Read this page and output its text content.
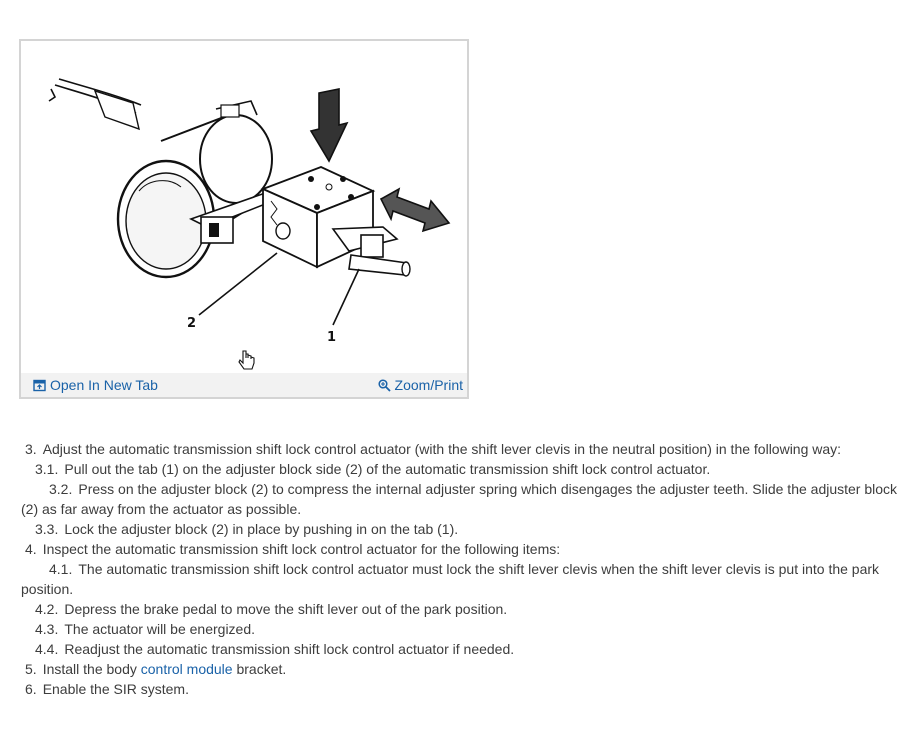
2
1
Open In New Tab	Zoom/Print
3. Adjust the automatic transmission shift lock control actuator (with the shift lever clevis in the neutral position) in the following way:
3.1. Pull out the tab (1) on the adjuster block side (2) of the automatic transmission shift lock control actuator.
3.2. Press on the adjuster block (2) to compress the internal adjuster spring which disengages the adjuster teeth. Slide the adjuster block (2) as far away from the actuator as possible.
3.3. Lock the adjuster block (2) in place by pushing in on the tab (1).
4. Inspect the automatic transmission shift lock control actuator for the following items:
4.1. The automatic transmission shift lock control actuator must lock the shift lever clevis when the shift lever clevis is put into the park position.
4.2. Depress the brake pedal to move the shift lever out of the park position.
4.3. The actuator will be energized.
4.4. Readjust the automatic transmission shift lock control actuator if needed.
5. Install the body control module bracket.
6. Enable the SIR system.
